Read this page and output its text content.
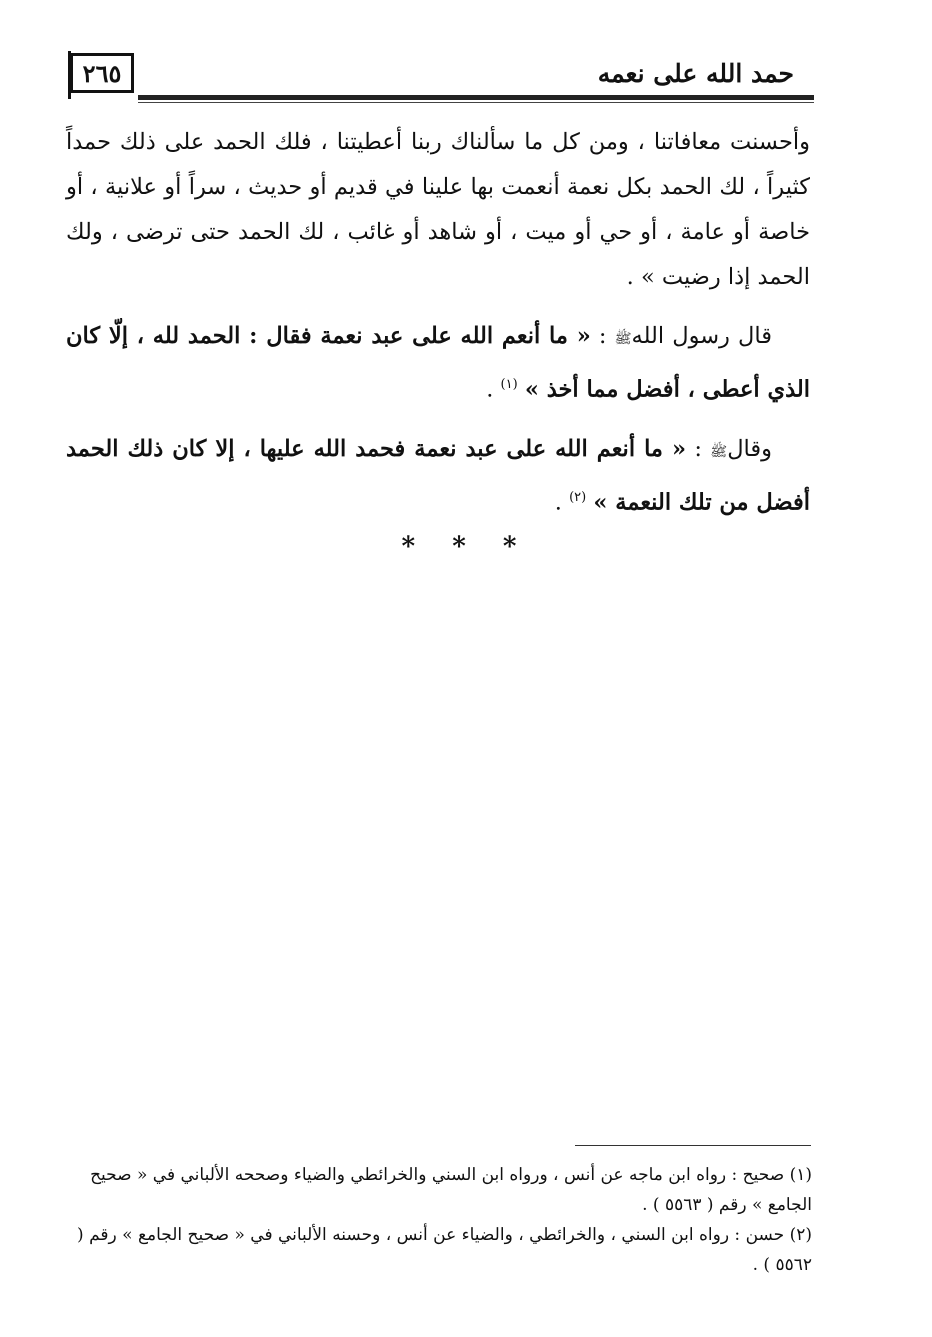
٢٦٥	حمد الله على نعمه

وأحسنت معافاتنا ، ومن كل ما سألناك ربنا أعطيتنا ، فلك الحمد على ذلك حمداً كثيراً ، لك الحمد بكل نعمة أنعمت بها علينا في قديم أو حديث ، سراً أو علانية ، أو خاصة أو عامة ، أو حي أو ميت ، أو شاهد أو غائب ، لك الحمد حتى ترضى ، ولك الحمد إذا رضيت » .

قال رسول اللهﷺ : « ما أنعم الله على عبد نعمة فقال : الحمد لله ، إلّا كان الذي أعطى ، أفضل مما أخذ » $^{(١)}$ .

وقالﷺ : « ما أنعم الله على عبد نعمة فحمد الله عليها ، إلا كان ذلك الحمد أفضل من تلك النعمة » $^{(٢)}$ .

* * *

(١) صحيح : رواه ابن ماجه عن أنس ، ورواه ابن السني والخرائطي والضياء وصححه الألباني في « صحيح الجامع » رقم ( ٥٥٦٣ ) .

(٢) حسن : رواه ابن السني ، والخرائطي ، والضياء عن أنس ، وحسنه الألباني في « صحيح الجامع » رقم ( ٥٥٦٢ ) .
